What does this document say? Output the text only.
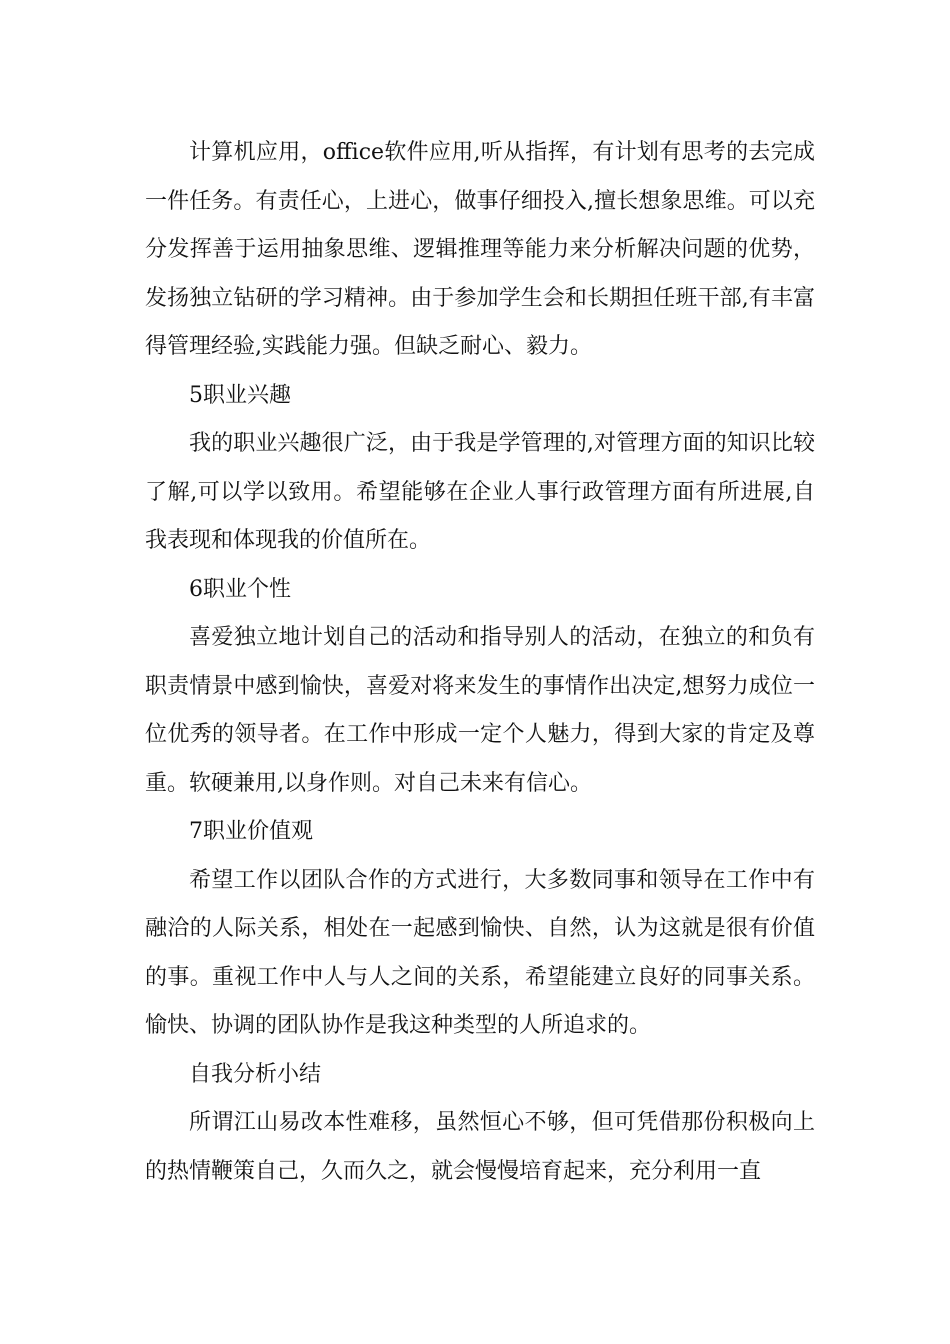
计算机应用，office软件应用,听从指挥，有计划有思考的去完成一件任务。有责任心，上进心，做事仔细投入,擅长想象思维。可以充分发挥善于运用抽象思维、逻辑推理等能力来分析解决问题的优势，发扬独立钻研的学习精神。由于参加学生会和长期担任班干部,有丰富得管理经验,实践能力强。但缺乏耐心、毅力。

5职业兴趣

我的职业兴趣很广泛，由于我是学管理的,对管理方面的知识比较了解,可以学以致用。希望能够在企业人事行政管理方面有所进展,自我表现和体现我的价值所在。

6职业个性

喜爱独立地计划自己的活动和指导别人的活动，在独立的和负有职责情景中感到愉快，喜爱对将来发生的事情作出决定,想努力成位一位优秀的领导者。在工作中形成一定个人魅力，得到大家的肯定及尊重。软硬兼用,以身作则。对自己未来有信心。

7职业价值观

希望工作以团队合作的方式进行，大多数同事和领导在工作中有融洽的人际关系，相处在一起感到愉快、自然，认为这就是很有价值的事。重视工作中人与人之间的关系，希望能建立良好的同事关系。愉快、协调的团队协作是我这种类型的人所追求的。

自我分析小结

所谓江山易改本性难移，虽然恒心不够，但可凭借那份积极向上的热情鞭策自己，久而久之，就会慢慢培育起来，充分利用一直
